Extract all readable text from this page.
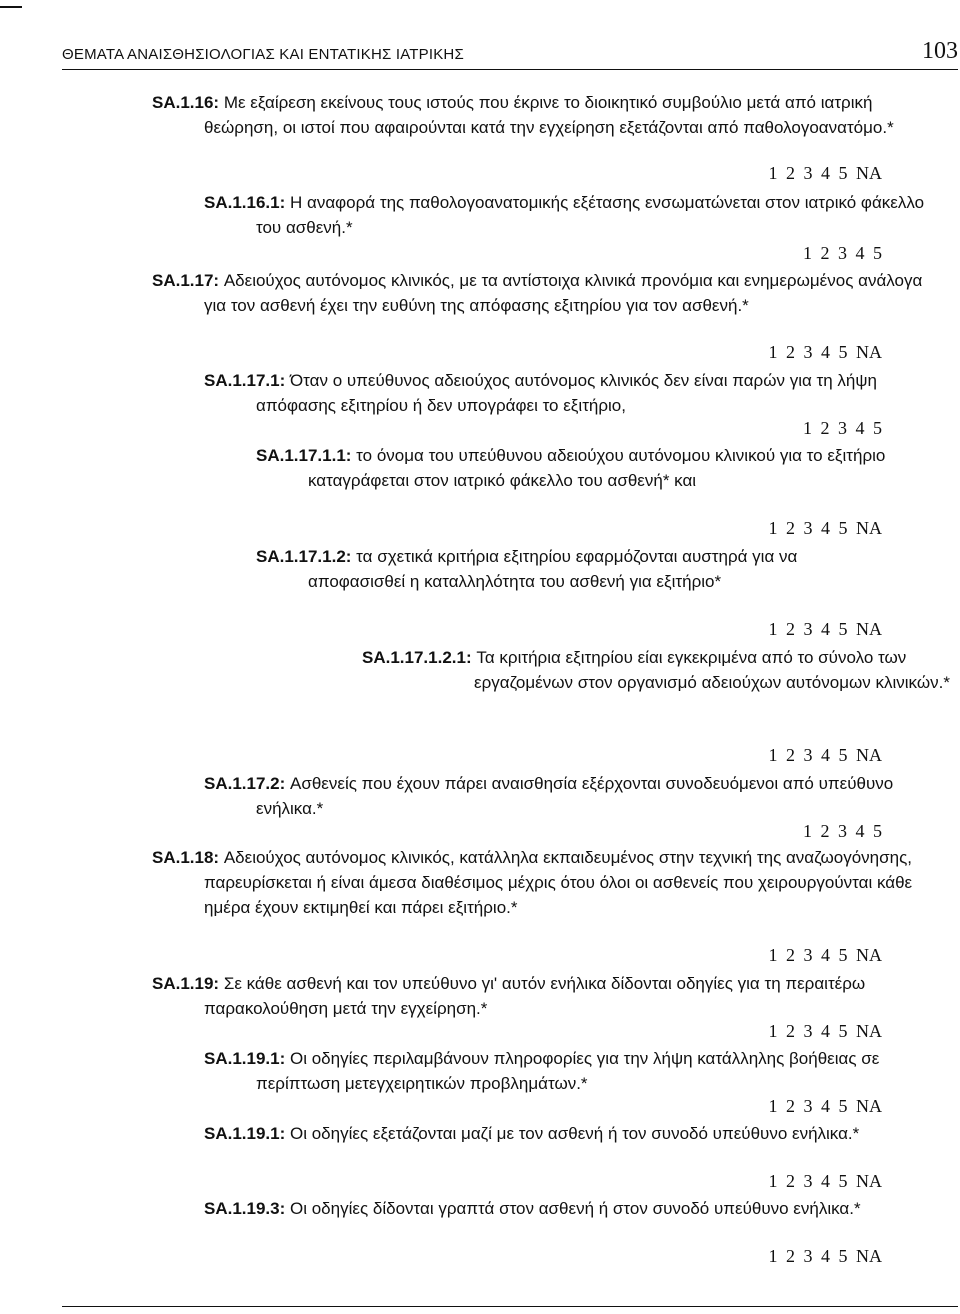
ΘΕΜΑΤΑ ΑΝΑΙΣΘΗΣΙΟΛΟΓΙΑΣ ΚΑΙ ΕΝΤΑΤΙΚΗΣ ΙΑΤΡΙΚΗΣ	103
SA.1.16: Με εξαίρεση εκείνους τους ιστούς που έκρινε το διοικητικό συμβούλιο μετά από ιατρική θεώρηση, οι ιστοί που αφαιρούνται κατά την εγχείρηση εξετάζονται από παθολογοανατόμο.*
1 2 3 4 5 ΝΑ
SA.1.16.1: Η αναφορά της παθολογοανατομικής εξέτασης ενσωματώνεται στον ιατρικό φάκελλο του ασθενή.*
1 2 3 4 5
SA.1.17: Αδειούχος αυτόνομος κλινικός, με τα αντίστοιχα κλινικά προνόμια και ενημερωμένος ανάλογα για τον ασθενή έχει την ευθύνη της απόφασης εξιτηρίου για τον ασθενή.*
1 2 3 4 5 ΝΑ
SA.1.17.1: Όταν ο υπεύθυνος αδειούχος αυτόνομος κλινικός δεν είναι παρών για τη λήψη απόφασης εξιτηρίου ή δεν υπογράφει το εξιτήριο,
1 2 3 4 5
SA.1.17.1.1: το όνομα του υπεύθυνου αδειούχου αυτόνομου κλινικού για το εξιτήριο καταγράφεται στον ιατρικό φάκελλο του ασθενή* και
1 2 3 4 5 ΝΑ
SA.1.17.1.2: τα σχετικά κριτήρια εξιτηρίου εφαρμόζονται αυστηρά για να αποφασισθεί η καταλληλότητα του ασθενή για εξιτήριο*
1 2 3 4 5 ΝΑ
SA.1.17.1.2.1: Τα κριτήρια εξιτηρίου είαι εγκεκριμένα από το σύνολο των εργαζομένων στον οργανισμό αδειούχων αυτόνομων κλινικών.*
1 2 3 4 5 ΝΑ
SA.1.17.2: Ασθενείς που έχουν πάρει αναισθησία εξέρχονται συνοδευόμενοι από υπεύθυνο ενήλικα.*
1 2 3 4 5
SA.1.18: Αδειούχος αυτόνομος κλινικός, κατάλληλα εκπαιδευμένος στην τεχνική της αναζωογόνησης, παρευρίσκεται ή είναι άμεσα διαθέσιμος μέχρις ότου όλοι οι ασθενείς που χειρουργούνται κάθε ημέρα έχουν εκτιμηθεί και πάρει εξιτήριο.*
1 2 3 4 5 ΝΑ
SA.1.19: Σε κάθε ασθενή και τον υπεύθυνο γι' αυτόν ενήλικα δίδονται οδηγίες για τη περαιτέρω παρακολούθηση μετά την εγχείρηση.*
1 2 3 4 5 ΝΑ
SA.1.19.1: Οι οδηγίες περιλαμβάνουν πληροφορίες για την λήψη κατάλληλης βοήθειας σε περίπτωση μετεγχειρητικών προβλημάτων.*
1 2 3 4 5 ΝΑ
SA.1.19.1: Οι οδηγίες εξετάζονται μαζί με τον ασθενή ή τον συνοδό υπεύθυνο ενήλικα.*
1 2 3 4 5 ΝΑ
SA.1.19.3: Οι οδηγίες δίδονται γραπτά στον ασθενή ή στον συνοδό υπεύθυνο ενήλικα.*
1 2 3 4 5 ΝΑ
